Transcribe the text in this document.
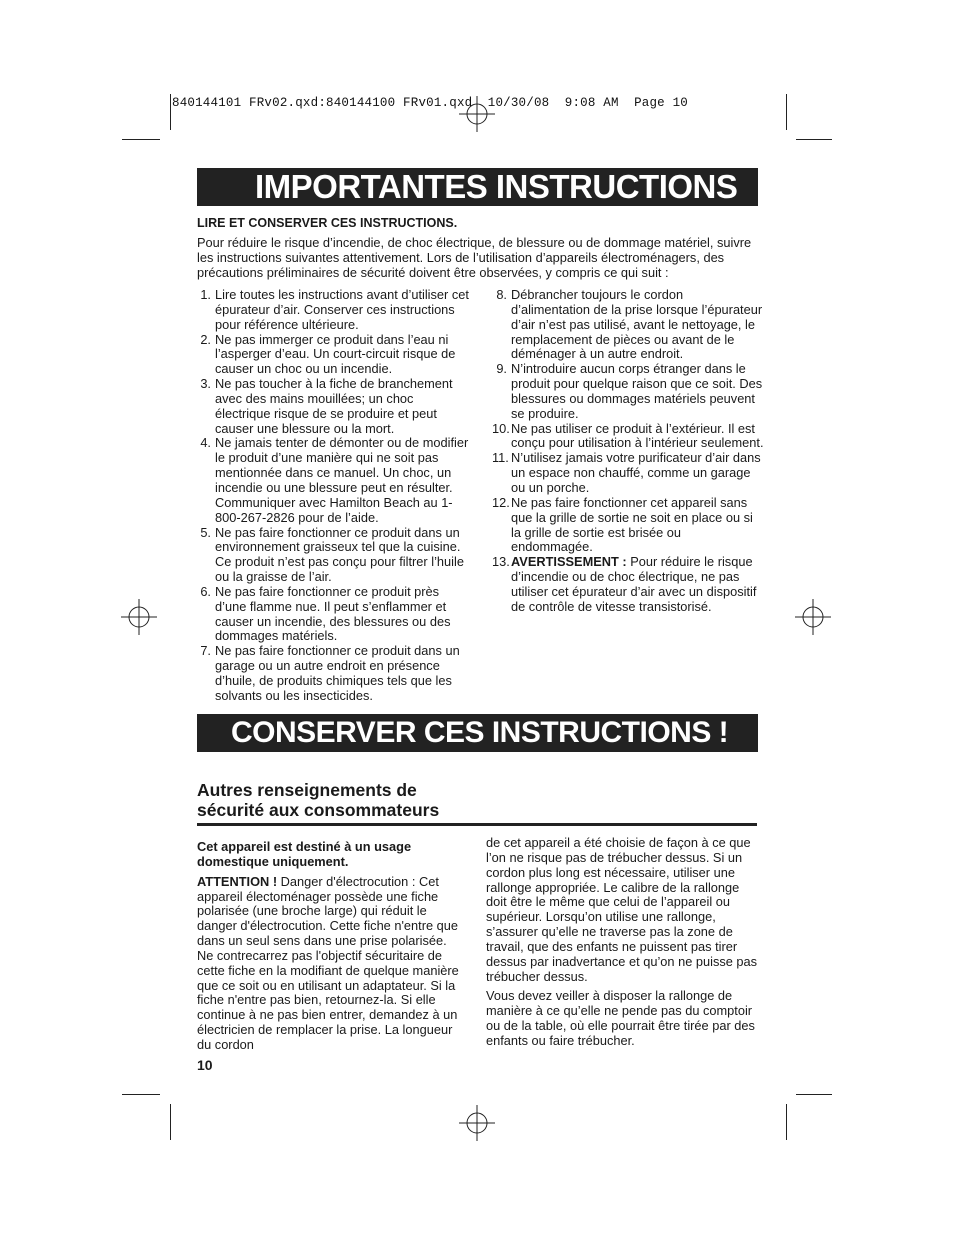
840144101 FRv02.qxd:840144100 FRv01.qxd  10/30/08  9:08 AM  Page 10
IMPORTANTES INSTRUCTIONS
LIRE ET CONSERVER CES INSTRUCTIONS.

Pour réduire le risque d’incendie, de choc électrique, de blessure ou de dommage matériel, suivre les instructions suivantes attentivement. Lors de l’utilisation d’appareils électroménagers, des précautions préliminaires de sécurité doivent être observées, y compris ce qui suit :

1. Lire toutes les instructions avant d’utiliser cet épurateur d’air. Conserver ces instructions pour référence ultérieure.
2. Ne pas immerger ce produit dans l’eau ni l’asperger d’eau. Un court-circuit risque de causer un choc ou un incendie.
3. Ne pas toucher à la fiche de branchement avec des mains mouillées; un choc électrique risque de se produire et peut causer une blessure ou la mort.
4. Ne jamais tenter de démonter ou de modifier le produit d’une manière qui ne soit pas mentionnée dans ce manuel. Un choc, un incendie ou une blessure peut en résulter. Communiquer avec Hamilton Beach au 1-800-267-2826 pour de l’aide.
5. Ne pas faire fonctionner ce produit dans un environnement graisseux tel que la cuisine. Ce produit n’est pas conçu pour filtrer l’huile ou la graisse de l’air.
6. Ne pas faire fonctionner ce produit près d’une flamme nue. Il peut s’enflammer et causer un incendie, des blessures ou des dommages matériels.
7. Ne pas faire fonctionner ce produit dans un garage ou un autre endroit en présence d’huile, de produits chimiques tels que les solvants ou les insecticides.
8. Débrancher toujours le cordon d’alimentation de la prise lorsque l’épurateur d’air n’est pas utilisé, avant le nettoyage, le remplacement de pièces ou avant de le déménager à un autre endroit.
9. N’introduire aucun corps étranger dans le produit pour quelque raison que ce soit. Des blessures ou dommages matériels peuvent se produire.
10. Ne pas utiliser ce produit à l’extérieur. Il est conçu pour utilisation à l’intérieur seulement.
11. N’utilisez jamais votre purificateur d’air dans un espace non chauffé, comme un garage ou un porche.
12. Ne pas faire fonctionner cet appareil sans que la grille de sortie ne soit en place ou si la grille de sortie est brisée ou endommagée.
13. AVERTISSEMENT : Pour réduire le risque d’incendie ou de choc électrique, ne pas utiliser cet épurateur d’air avec un dispositif de contrôle de vitesse transistorisé.
CONSERVER CES INSTRUCTIONS !
Autres renseignements de
sécurité aux consommateurs

Cet appareil est destiné à un usage
domestique uniquement.

ATTENTION ! Danger d'électrocution : Cet appareil électoménager possède une fiche polarisée (une broche large) qui réduit le danger d'électrocution. Cette fiche n'entre que dans un seul sens dans une prise polarisée. Ne contrecarrez pas l'objectif sécuritaire de cette fiche en la modifiant de quelque manière que ce soit ou en utilisant un adaptateur. Si la fiche n'entre pas bien, retournez-la. Si elle continue à ne pas bien entrer, demandez à un électricien de remplacer la prise. La longueur du cordon

de cet appareil a été choisie de façon à ce que l’on ne risque pas de trébucher dessus. Si un cordon plus long est nécessaire, utiliser une rallonge appropriée. Le calibre de la rallonge doit être le même que celui de l’appareil ou supérieur. Lorsqu’on utilise une rallonge, s’assurer qu’elle ne traverse pas la zone de travail, que des enfants ne puissent pas tirer dessus par inadvertance et qu’on ne puisse pas trébucher dessus.

Vous devez veiller à disposer la rallonge de manière à ce qu’elle ne pende pas du comptoir ou de la table, où elle pourrait être tirée par des enfants ou faire trébucher.

10
